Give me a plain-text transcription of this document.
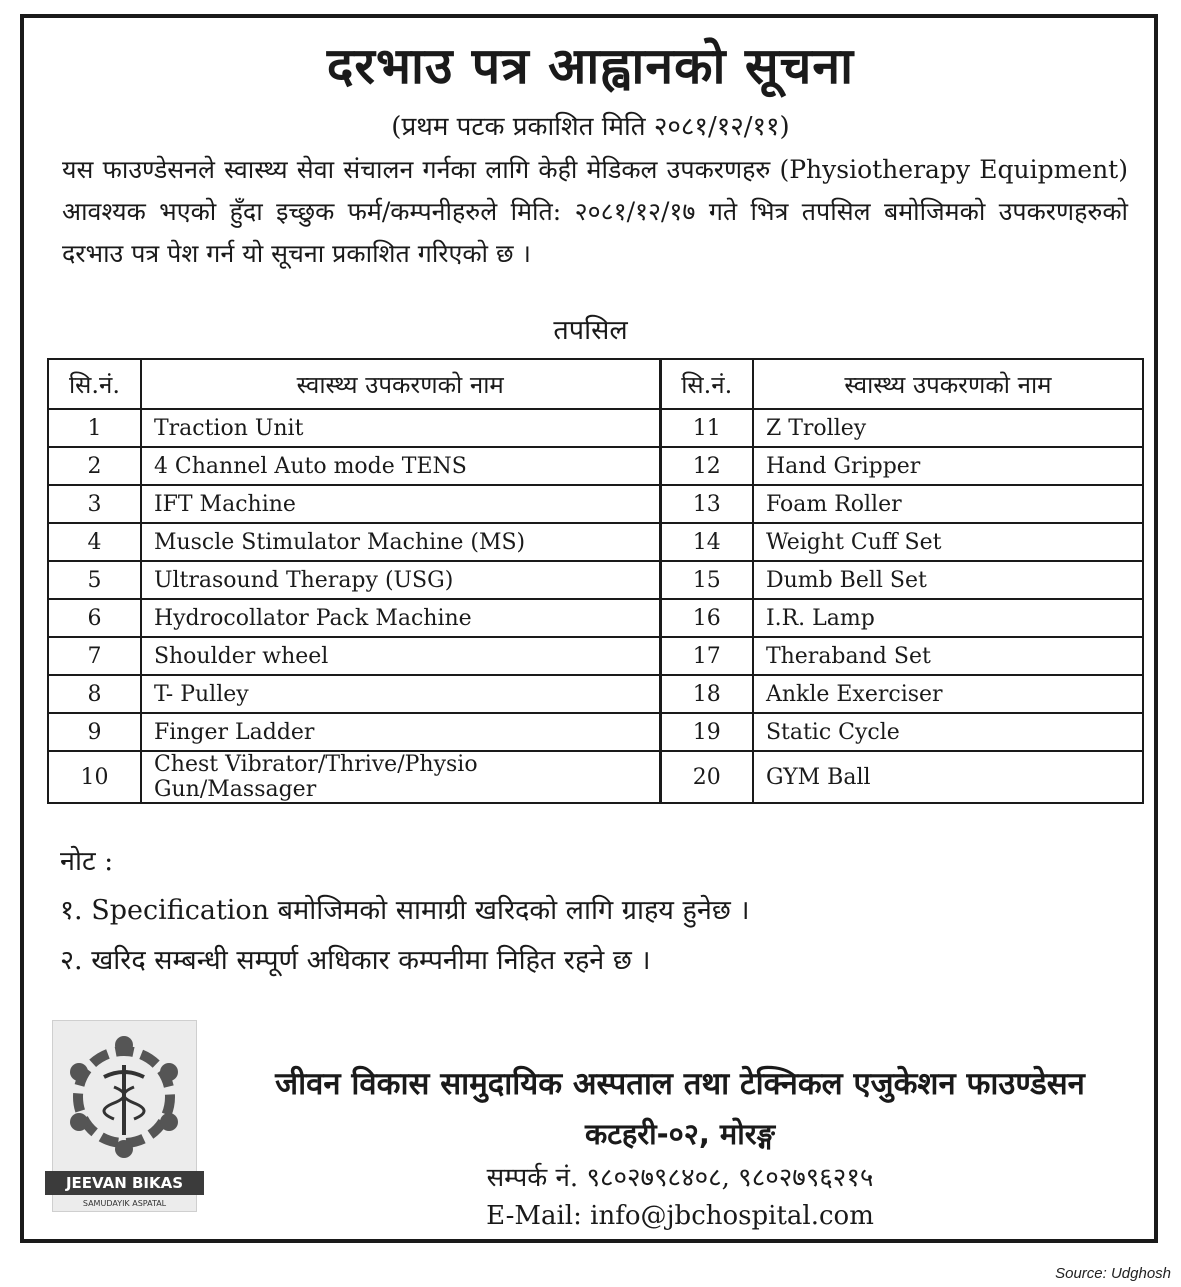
दरभाउ पत्र आह्वानको सूचना
(प्रथम पटक प्रकाशित मिति २०८१/१२/११)
यस फाउण्डेसनले स्वास्थ्य सेवा संचालन गर्नका लागि केही मेडिकल उपकरणहरु (Physiotherapy Equipment) आवश्यक भएको हुँदा इच्छुक फर्म/कम्पनीहरुले मिति: २०८१/१२/१७ गते भित्र तपसिल बमोजिमको उपकरणहरुको दरभाउ पत्र पेश गर्न यो सूचना प्रकाशित गरिएको छ ।
तपसिल
सि.नं.	स्वास्थ्य उपकरणको नाम	सि.नं.	स्वास्थ्य उपकरणको नाम
1	Traction Unit	11	Z Trolley
2	4 Channel Auto mode TENS	12	Hand Gripper
3	IFT Machine	13	Foam Roller
4	Muscle Stimulator Machine (MS)	14	Weight Cuff Set
5	Ultrasound Therapy (USG)	15	Dumb Bell Set
6	Hydrocollator Pack Machine	16	I.R. Lamp
7	Shoulder wheel	17	Theraband Set
8	T- Pulley	18	Ankle Exerciser
9	Finger Ladder	19	Static Cycle
10	Chest Vibrator/Thrive/Physio Gun/Massager	20	GYM Ball
नोट :
१. Specification बमोजिमको सामाग्री खरिदको लागि ग्राहय हुनेछ ।
२. खरिद सम्बन्धी सम्पूर्ण अधिकार कम्पनीमा निहित रहने छ ।
JEEVAN BIKAS
SAMUDAYIK ASPATAL
जीवन विकास सामुदायिक अस्पताल तथा टेक्निकल एजुकेशन फाउण्डेसन
कटहरी-०२, मोरङ्ग
सम्पर्क नं. ९८०२७९८४०८, ९८०२७९६२१५
E-Mail: info@jbchospital.com
Source: Udghosh
